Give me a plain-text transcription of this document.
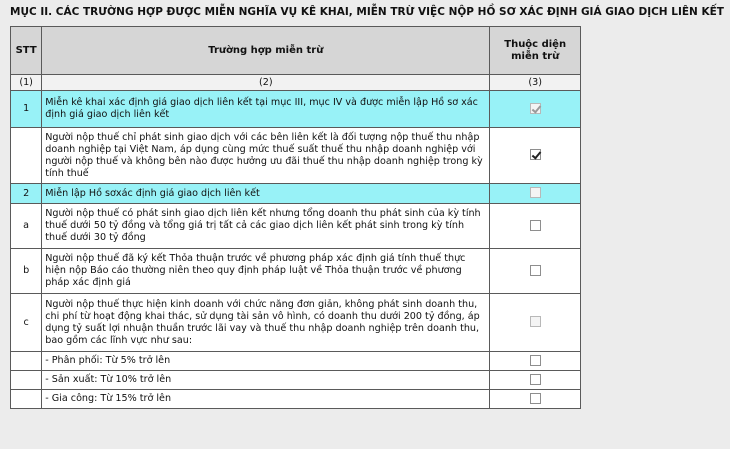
MỤC II. CÁC TRƯỜNG HỢP ĐƯỢC MIỄN NGHĨA VỤ KÊ KHAI, MIỄN TRỪ VIỆC NỘP HỒ SƠ XÁC ĐỊNH GIÁ GIAO DỊCH LIÊN KẾT
STT	Trường hợp miễn trừ	Thuộc diện
miễn trừ
(1)	(2)	(3)
1	Miễn kê khai xác định giá giao dịch liên kết tại mục III, mục IV và được miễn lập Hồ sơ xác định giá giao dịch liên kết	
	Người nộp thuế chỉ phát sinh giao dịch với các bên liên kết là đối tượng nộp thuế thu nhập doanh nghiệp tại Việt Nam, áp dụng cùng mức thuế suất thuế thu nhập doanh nghiệp với người nộp thuế và không bên nào được hưởng ưu đãi thuế thu nhập doanh nghiệp trong kỳ tính thuế	
2	Miễn lập Hồ sơxác định giá giao dịch liên kết	
a	Người nộp thuế có phát sinh giao dịch liên kết nhưng tổng doanh thu phát sinh của kỳ tính thuế dưới 50 tỷ đồng và tổng giá trị tất cả các giao dịch liên kết phát sinh trong kỳ tính thuế dưới 30 tỷ đồng	
b	Người nộp thuế đã ký kết Thỏa thuận trước về phương pháp xác định giá tính thuế thực hiện nộp Báo cáo thường niên theo quy định pháp luật về Thỏa thuận trước về phương pháp xác định giá	
c	Người nộp thuế thực hiện kinh doanh với chức năng đơn giản, không phát sinh doanh thu, chi phí từ hoạt động khai thác, sử dụng tài sản vô hình, có doanh thu dưới 200 tỷ đồng, áp dụng tỷ suất lợi nhuận thuần trước lãi vay và thuế thu nhập doanh nghiệp trên doanh thu, bao gồm các lĩnh vực như sau:	
	- Phân phối: Từ 5% trở lên	
	- Sản xuất: Từ 10% trở lên	
	- Gia công: Từ 15% trở lên	
